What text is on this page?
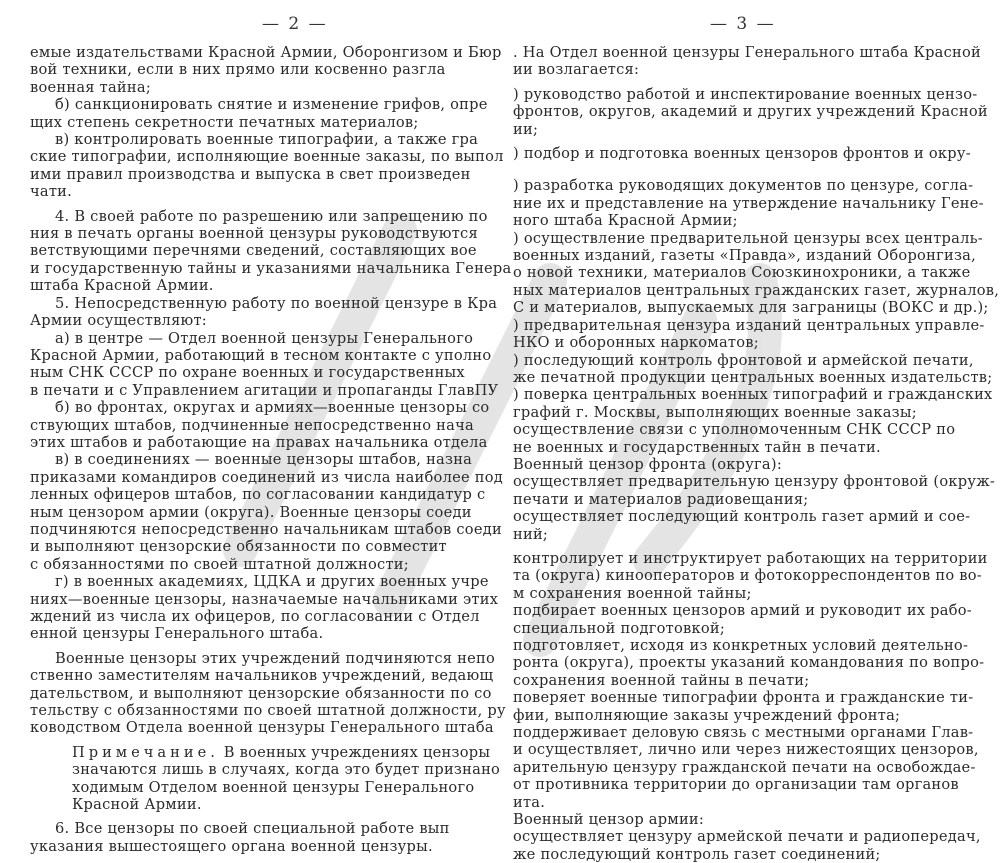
— 2 —
емые издательствами Красной Армии, Оборонгизом и Бюр
вой техники, если в них прямо или косвенно разгла
военная тайна;
б) санкционировать снятие и изменение грифов, опре
щих степень секретности печатных материалов;
в) контролировать военные типографии, а также гра
ские типографии, исполняющие военные заказы, по выпол
ими правил производства и выпуска в свет произведен
чати.
4. В своей работе по разрешению или запрещению по
ния в печать органы военной цензуры руководствуются
ветствующими перечнями сведений, составляющих вое
и государственную тайны и указаниями начальника Генера
штаба Красной Армии.
5. Непосредственную работу по военной цензуре в Кра
Армии осуществляют:
а) в центре — Отдел военной цензуры Генерального
Красной Армии, работающий в тесном контакте с уполно
ным СНК СССР по охране военных и государственных
в печати и с Управлением агитации и пропаганды ГлавПУ
б) во фронтах, округах и армиях—военные цензоры со
ствующих штабов, подчиненные непосредственно нача
этих штабов и работающие на правах начальника отдела
в) в соединениях — военные цензоры штабов, назна
приказами командиров соединений из числа наиболее под
ленных офицеров штабов, по согласовании кандидатур с
ным цензором армии (округа). Военные цензоры соеди
подчиняются непосредственно начальникам штабов соеди
и выполняют цензорские обязанности по совместит
с обязанностями по своей штатной должности;
г) в военных академиях, ЦДКА и других военных учре
ниях—военные цензоры, назначаемые начальниками этих
ждений из числа их офицеров, по согласовании с Отдел
енной цензуры Генерального штаба.
Военные цензоры этих учреждений подчиняются непо
ственно заместителям начальников учреждений, ведающ
дательством, и выполняют цензорские обязанности по со
тельству с обязанностями по своей штатной должности, ру
ководством Отдела военной цензуры Генерального штаба
Примечание. В военных учреждениях цензоры
значаются лишь в случаях, когда это будет признано
ходимым Отделом военной цензуры Генерального
Красной Армии.
6. Все цензоры по своей специальной работе вып
указания вышестоящего органа военной цензуры.
— 3 —
. На Отдел военной цензуры Генерального штаба Красной
ии возлагается:
) руководство работой и инспектирование военных цензо-
фронтов, округов, академий и других учреждений Красной
ии;
) подбор и подготовка военных цензоров фронтов и окру-
) разработка руководящих документов по цензуре, согла-
ние их и представление на утверждение начальнику Гене-
ного штаба Красной Армии;
) осуществление предварительной цензуры всех централь-
военных изданий, газеты «Правда», изданий Оборонгиза,
о новой техники, материалов Союзкинохроники, а также
ных материалов центральных гражданских газет, журналов,
С и материалов, выпускаемых для заграницы (ВОКС и др.);
) предварительная цензура изданий центральных управле-
НКО и оборонных наркоматов;
) последующий контроль фронтовой и армейской печати,
же печатной продукции центральных военных издательств;
) поверка центральных военных типографий и гражданских
графий г. Москвы, выполняющих военные заказы;
осуществление связи с уполномоченным СНК СССР по
не военных и государственных тайн в печати.
Военный цензор фронта (округа):
осуществляет предварительную цензуру фронтовой (окруж-
печати и материалов радиовещания;
осуществляет последующий контроль газет армий и сое-
ний;
контролирует и инструктирует работающих на территории
та (округа) кинооператоров и фотокорреспондентов по во-
м сохранения военной тайны;
подбирает военных цензоров армий и руководит их рабо-
специальной подготовкой;
подготовляет, исходя из конкретных условий деятельно-
ронта (округа), проекты указаний командования по вопро-
сохранения военной тайны в печати;
поверяет военные типографии фронта и гражданские ти-
фии, выполняющие заказы учреждений фронта;
поддерживает деловую связь с местными органами Глав-
и осуществляет, лично или через нижестоящих цензоров,
арительную цензуру гражданской печати на освобождае-
от противника территории до организации там органов
ита.
Военный цензор армии:
осуществляет цензуру армейской печати и радиопередач,
же последующий контроль газет соединений;
